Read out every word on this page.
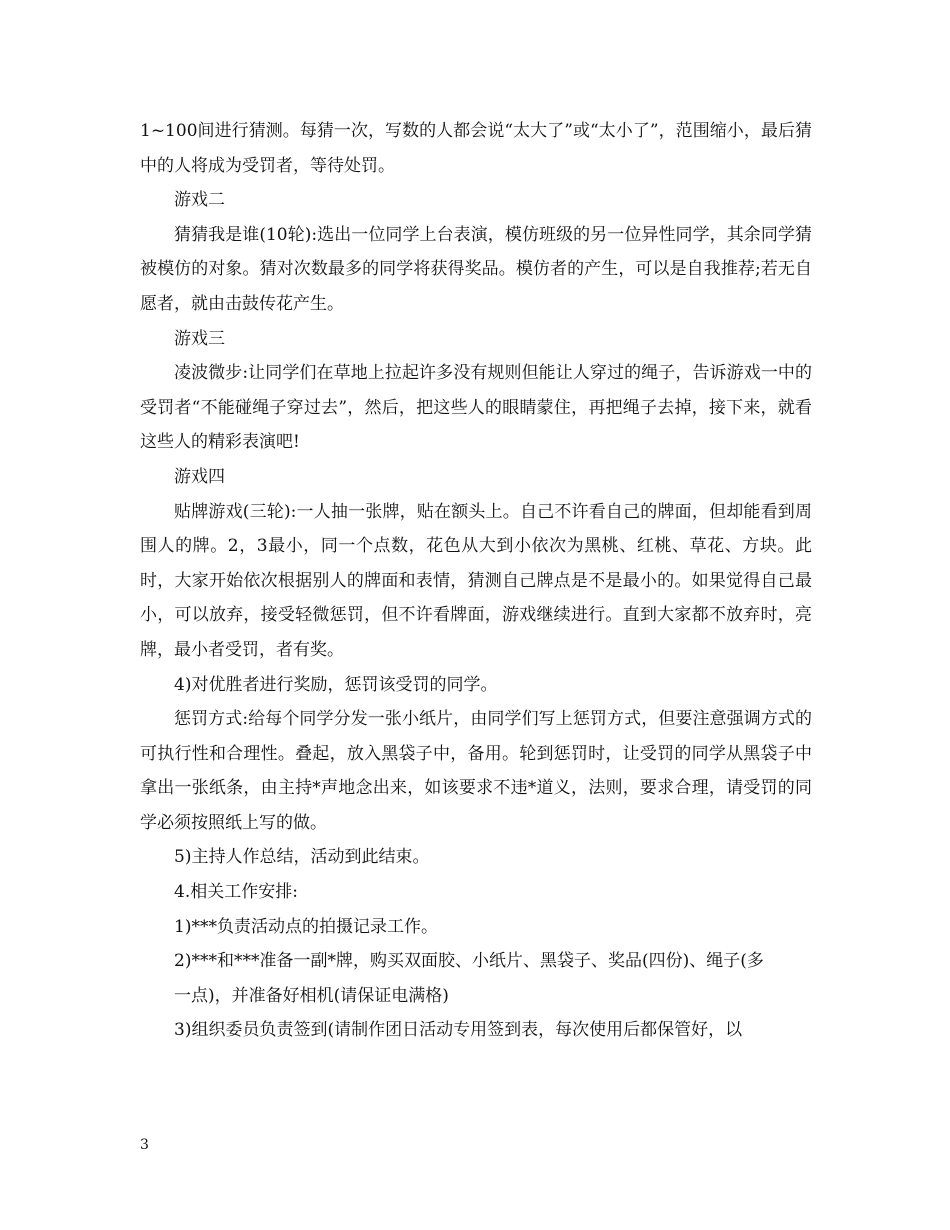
1~100间进行猜测。每猜一次，写数的人都会说“太大了”或“太小了”，范围缩小，最后猜中的人将成为受罚者，等待处罚。

游戏二

猜猜我是谁(10轮):选出一位同学上台表演，模仿班级的另一位异性同学，其余同学猜被模仿的对象。猜对次数最多的同学将获得奖品。模仿者的产生，可以是自我推荐;若无自愿者，就由击鼓传花产生。

游戏三

凌波微步:让同学们在草地上拉起许多没有规则但能让人穿过的绳子，告诉游戏一中的受罚者“不能碰绳子穿过去”，然后，把这些人的眼睛蒙住，再把绳子去掉，接下来，就看这些人的精彩表演吧!

游戏四

贴牌游戏(三轮):一人抽一张牌，贴在额头上。自己不许看自己的牌面，但却能看到周围人的牌。2，3最小，同一个点数，花色从大到小依次为黑桃、红桃、草花、方块。此时，大家开始依次根据别人的牌面和表情，猜测自己牌点是不是最小的。如果觉得自己最小，可以放弃，接受轻微惩罚，但不许看牌面，游戏继续进行。直到大家都不放弃时，亮牌，最小者受罚，者有奖。

4)对优胜者进行奖励，惩罚该受罚的同学。

惩罚方式:给每个同学分发一张小纸片，由同学们写上惩罚方式，但要注意强调方式的可执行性和合理性。叠起，放入黑袋子中，备用。轮到惩罚时，让受罚的同学从黑袋子中拿出一张纸条，由主持*声地念出来，如该要求不违*道义，法则，要求合理，请受罚的同学必须按照纸上写的做。

5)主持人作总结，活动到此结束。

4.相关工作安排:

1)***负责活动点的拍摄记录工作。

2)***和***准备一副*牌，购买双面胶、小纸片、黑袋子、奖品(四份)、绳子(多

一点)，并准备好相机(请保证电满格)

3)组织委员负责签到(请制作团日活动专用签到表，每次使用后都保管好，以

3
